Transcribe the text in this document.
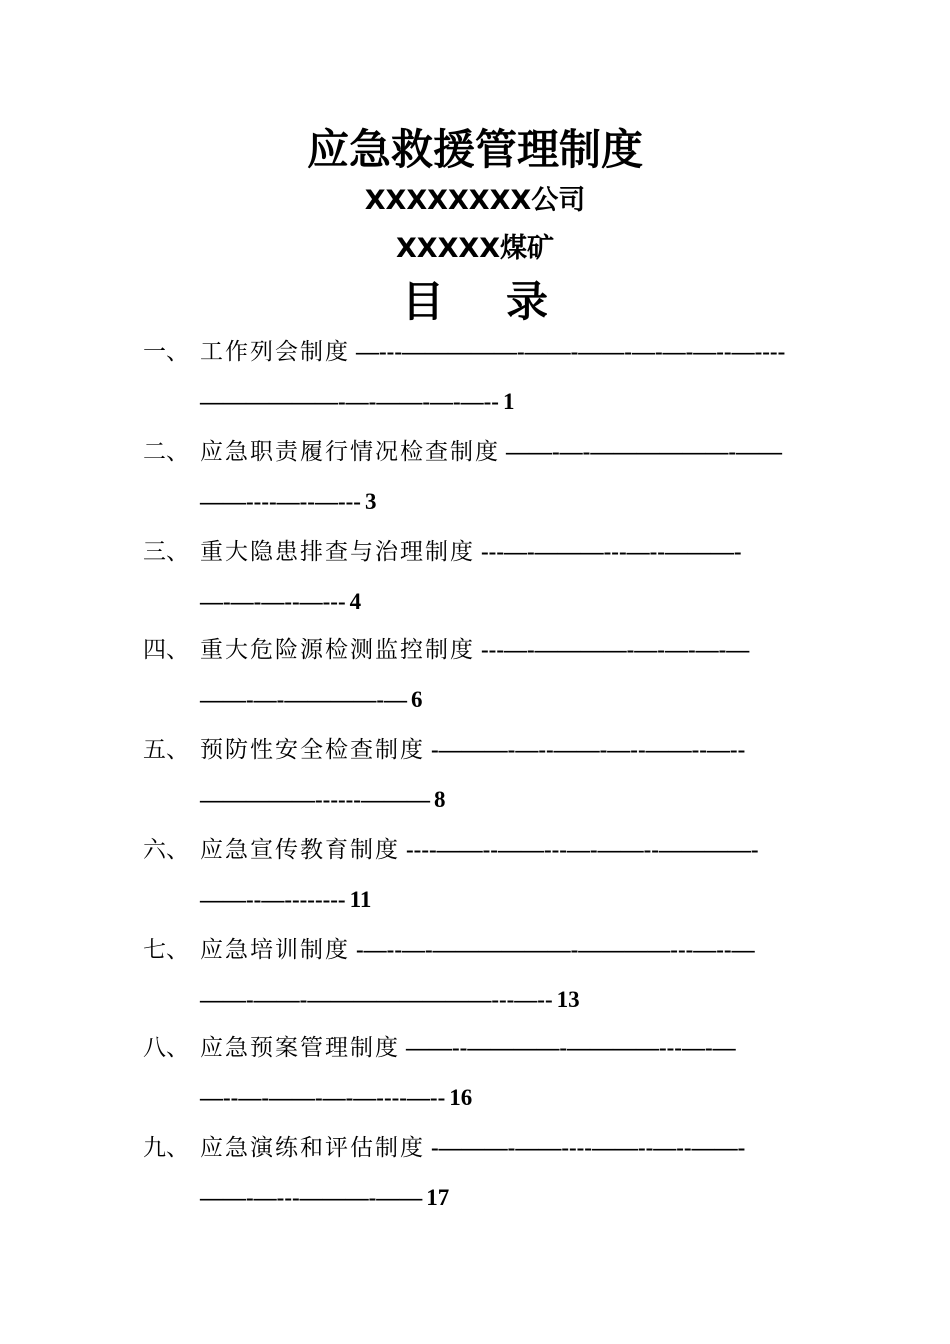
应急救援管理制度
XXXXXXXX公司
XXXXX煤矿
目 录
一、 工作列会制度 —---—————-——-——-—-—-—--—----
——————-—-——-—-—-- 1
二、 应急职责履行情况检查制度 ——-—-——————-——
——----—--—--- 3
三、 重大隐患排查与治理制度 ---—-———---—--———-
—-—-—--—--- 4
四、 重大危险源检测监控制度 ---—-————-—-—-—-—
——-—-————-— 6
五、 预防性安全检查制度 -———-—--——-—--——--—--
—————------——— 8
六、 应急宣传教育制度 ----——--——---—-——--————-
——--—-------- 11
七、 应急培训制度 -—--—-——————-————---—--—
——-——-————————---—-- 13
八、 应急预案管理制度 ——--————-————---—-—
—--—-——-—-—----—-- 16
九、 应急演练和评估制度 -———-——----——--—--——-
——-—---———-—— 17
